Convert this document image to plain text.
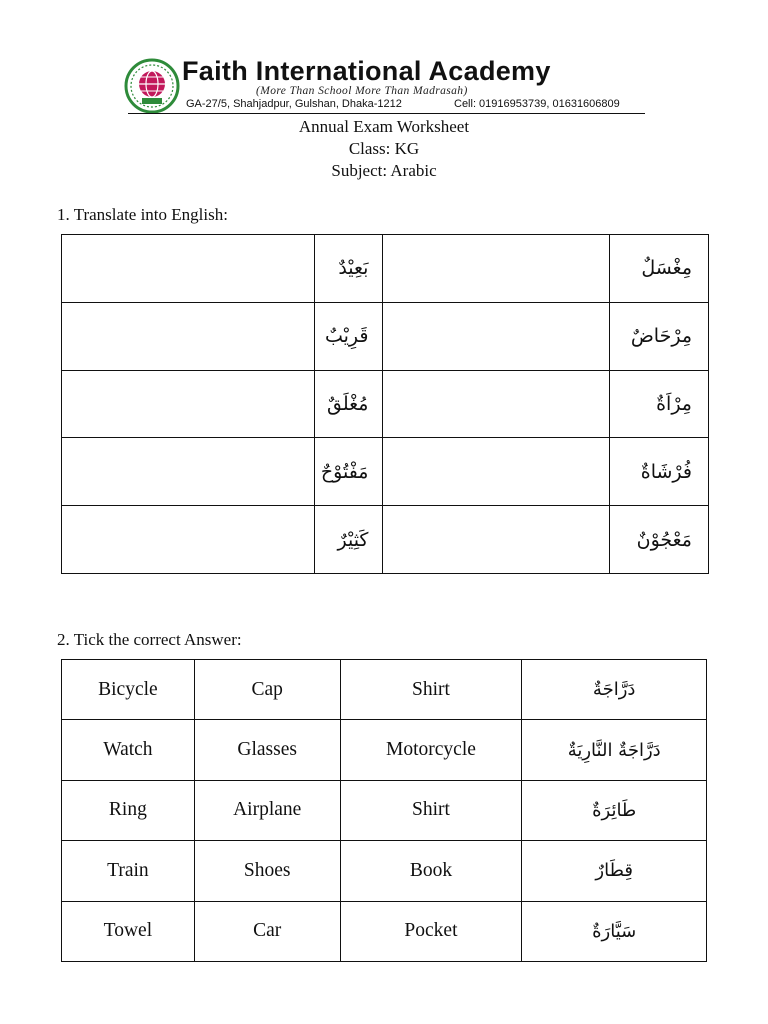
Faith International Academy
(More Than School More Than Madrasah)
GA-27/5, Shahjadpur, Gulshan, Dhaka-1212	Cell: 01916953739, 01631606809
Annual Exam Worksheet
Class: KG
Subject: Arabic
1. Translate into English:
	بَعِيْدٌ		مِغْسَلٌ
	قَرِيْبٌ		مِرْحَاضٌ
	مُغْلَقٌ		مِرْاَةٌ
	مَفْتُوْحٌ		فُرْشَاةٌ
	كَثِيْرٌ		مَعْجُوْنٌ
2. Tick the correct Answer:
Bicycle	Cap	Shirt	دَرَّاجَةٌ
Watch	Glasses	Motorcycle	دَرَّاجَةٌ النَّارِيَةٌ
Ring	Airplane	Shirt	طَائِرَةٌ
Train	Shoes	Book	قِطَارٌ
Towel	Car	Pocket	سَيَّارَةٌ
